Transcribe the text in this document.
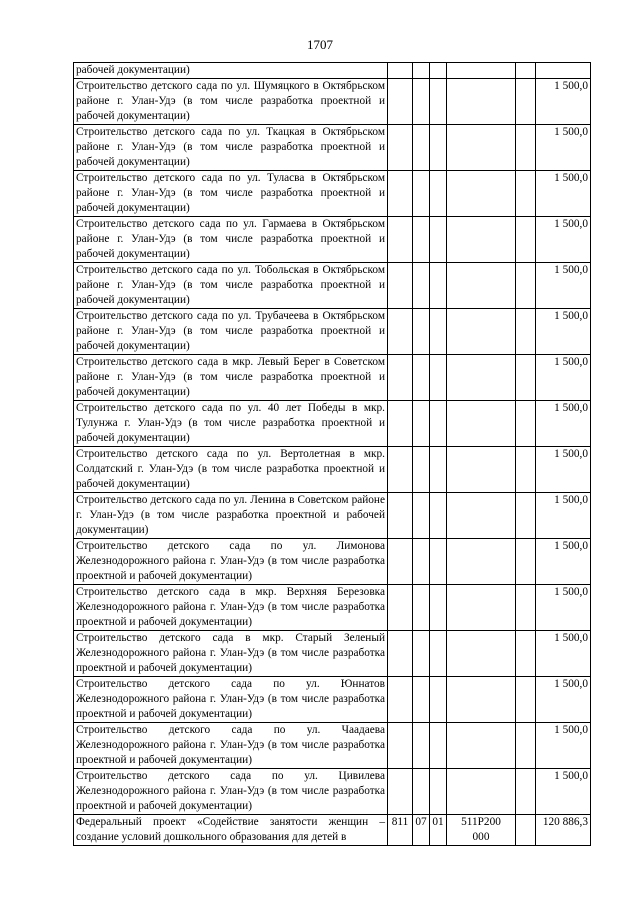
1707
рабочей документации)						
Строительство детского сада по ул. Шумяцкого в Октябрьском районе г. Улан-Удэ (в том числе разработка проектной и рабочей документации)						1 500,0
Строительство детского сада по ул. Ткацкая в Октябрьском районе г. Улан-Удэ (в том числе разработка проектной и рабочей документации)						1 500,0
Строительство детского сада по ул. Туласва в Октябрьском районе г. Улан-Удэ (в том числе разработка проектной и рабочей документации)						1 500,0
Строительство детского сада по ул. Гармаева в Октябрьском районе г. Улан-Удэ (в том числе разработка проектной и рабочей документации)						1 500,0
Строительство детского сада по ул. Тобольская в Октябрьском районе г. Улан-Удэ (в том числе разработка проектной и рабочей документации)						1 500,0
Строительство детского сада по ул. Трубачеева в Октябрьском районе г. Улан-Удэ (в том числе разработка проектной и рабочей документации)						1 500,0
Строительство детского сада в мкр. Левый Берег в Советском районе г. Улан-Удэ (в том числе разработка проектной и рабочей документации)						1 500,0
Строительство детского сада по ул. 40 лет Победы в мкр. Тулунжа г. Улан-Удэ (в том числе разработка проектной и рабочей документации)						1 500,0
Строительство детского сада по ул. Вертолетная в мкр. Солдатский г. Улан-Удэ (в том числе разработка проектной и рабочей документации)						1 500,0
Строительство детского сада по ул. Ленина в Советском районе г. Улан-Удэ (в том числе разработка проектной и рабочей документации)						1 500,0
Строительство детского сада по ул. Лимонова Железнодорожного района г. Улан-Удэ (в том числе разработка проектной и рабочей документации)						1 500,0
Строительство детского сада в мкр. Верхняя Березовка Железнодорожного района г. Улан-Удэ (в том числе разработка проектной и рабочей документации)						1 500,0
Строительство детского сада в мкр. Старый Зеленый Железнодорожного района г. Улан-Удэ (в том числе разработка проектной и рабочей документации)						1 500,0
Строительство детского сада по ул. Юннатов Железнодорожного района г. Улан-Удэ (в том числе разработка проектной и рабочей документации)						1 500,0
Строительство детского сада по ул. Чаадаева Железнодорожного района г. Улан-Удэ (в том числе разработка проектной и рабочей документации)						1 500,0
Строительство детского сада по ул. Цивилева Железнодорожного района г. Улан-Удэ (в том числе разработка проектной и рабочей документации)						1 500,0
Федеральный проект «Содействие занятости женщин – создание условий дошкольного образования для детей в	811	07	01	511P200
000		120 886,3
